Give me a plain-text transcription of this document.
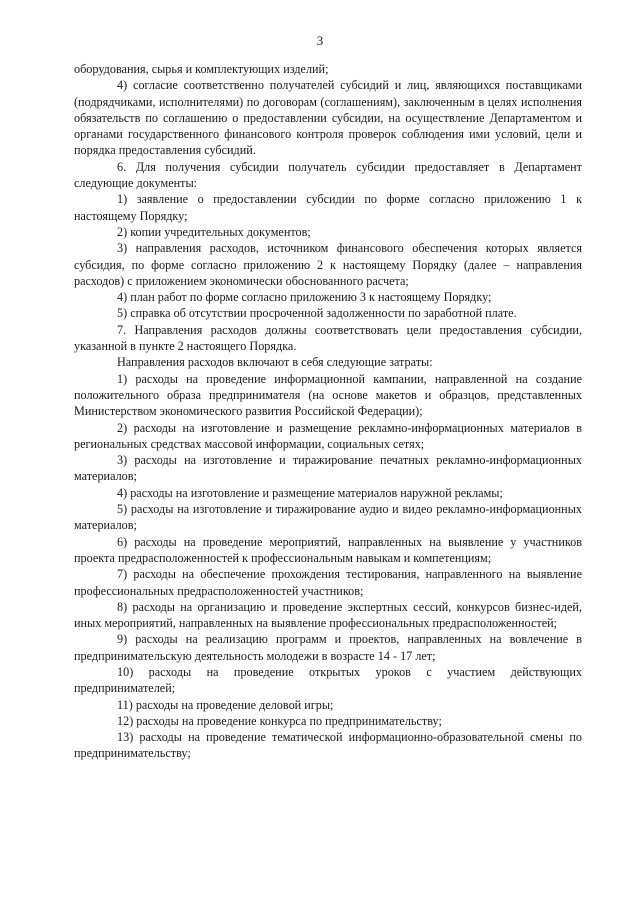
3

оборудования, сырья и комплектующих изделий;

4) согласие соответственно получателей субсидий и лиц, являющихся поставщиками (подрядчиками, исполнителями) по договорам (соглашениям), заключенным в целях исполнения обязательств по соглашению о предоставлении субсидии, на осуществление Департаментом и органами государственного финансового контроля проверок соблюдения ими условий, цели и порядка предоставления субсидий.

6. Для получения субсидии получатель субсидии предоставляет в Департамент следующие документы:

1) заявление о предоставлении субсидии по форме согласно приложению 1 к настоящему Порядку;

2) копии учредительных документов;

3) направления расходов, источником финансового обеспечения которых является субсидия, по форме согласно приложению 2 к настоящему Порядку (далее – направления расходов) с приложением экономически обоснованного расчета;

4) план работ по форме согласно приложению 3 к настоящему Порядку;

5) справка об отсутствии просроченной задолженности по заработной плате.

7. Направления расходов должны соответствовать цели предоставления субсидии, указанной в пункте 2 настоящего Порядка.

Направления расходов включают в себя следующие затраты:

1) расходы на проведение информационной кампании, направленной на создание положительного образа предпринимателя (на основе макетов и образцов, представленных Министерством экономического развития Российской Федерации);

2) расходы на изготовление и размещение рекламно-информационных материалов в региональных средствах массовой информации, социальных сетях;

3) расходы на изготовление и тиражирование печатных рекламно-информационных материалов;

4) расходы на изготовление и размещение материалов наружной рекламы;

5) расходы на изготовление и тиражирование аудио и видео рекламно-информационных материалов;

6) расходы на проведение мероприятий, направленных на выявление у участников проекта предрасположенностей к профессиональным навыкам и компетенциям;

7) расходы на обеспечение прохождения тестирования, направленного на выявление профессиональных предрасположенностей участников;

8) расходы на организацию и проведение экспертных сессий, конкурсов бизнес-идей, иных мероприятий, направленных на выявление профессиональных предрасположенностей;

9) расходы на реализацию программ и проектов, направленных на вовлечение в предпринимательскую деятельность молодежи в возрасте 14 - 17 лет;

10) расходы на проведение открытых уроков с участием действующих предпринимателей;

11) расходы на проведение деловой игры;

12) расходы на проведение конкурса по предпринимательству;

13) расходы на проведение тематической информационно-образовательной смены по предпринимательству;
